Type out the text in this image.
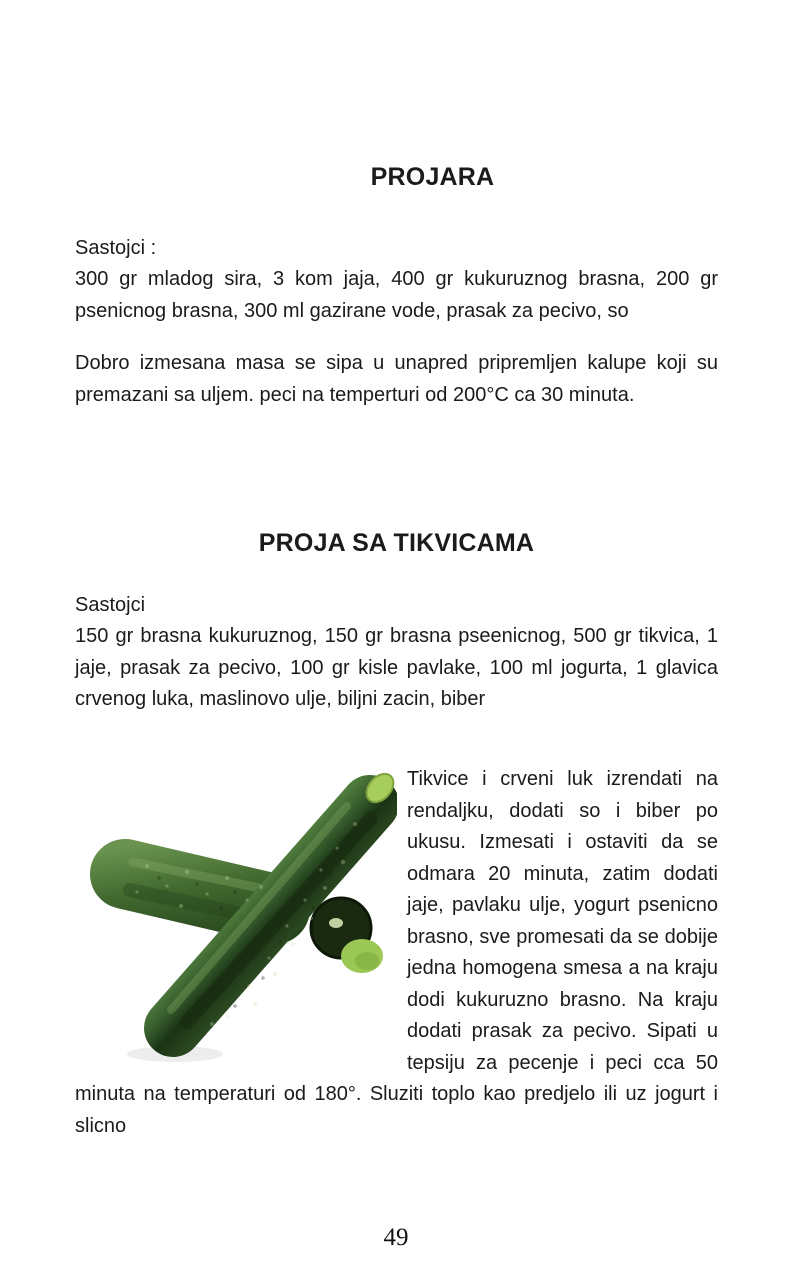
PROJARA
Sastojci :
300 gr mladog sira, 3 kom jaja, 400 gr kukuruznog brasna, 200 gr psenicnog brasna, 300 ml gazirane vode, prasak za pecivo, so
Dobro izmesana masa se sipa u unapred pripremljen kalupe koji su premazani sa uljem. peci na temperturi od 200°C ca 30 minuta.
PROJA SA TIKVICAMA
Sastojci
150 gr brasna kukuruznog, 150 gr brasna pseenicnog, 500 gr tikvica, 1 jaje, prasak za pecivo, 100 gr kisle pavlake, 100 ml jogurta, 1 glavica crvenog luka, maslinovo ulje, biljni zacin, biber
Tikvice i crveni luk izrendati na rendaljku, dodati so i biber po ukusu. Izmesati i ostaviti da se odmara 20 minuta, zatim dodati jaje, pavlaku ulje, yogurt psenicno brasno, sve promesati da se dobije jedna homogena smesa a na kraju dodi kukuruzno brasno. Na kraju dodati prasak za pecivo. Sipati u tepsiju za pecenje i peci cca 50 minuta na temperaturi od 180°. Sluziti toplo kao predjelo ili uz jogurt i slicno
49
